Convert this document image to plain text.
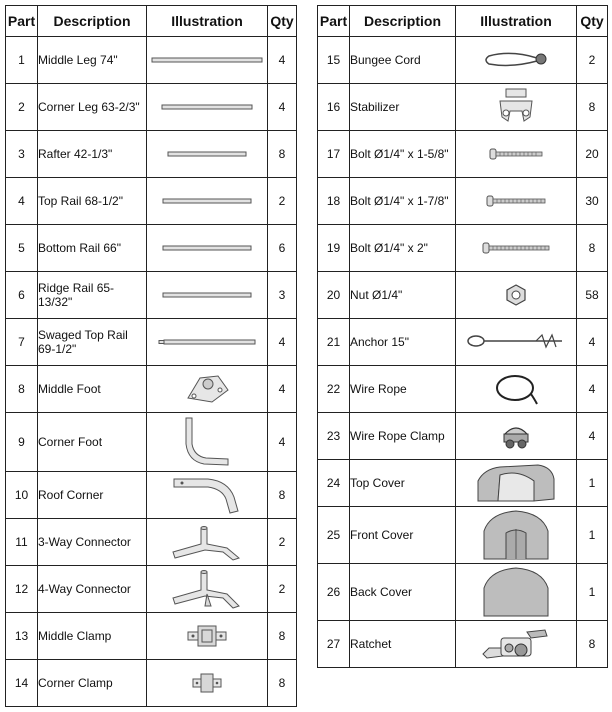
Part	Description	Illustration	Qty
1	Middle Leg 74"		4
2	Corner Leg 63-2/3"		4
3	Rafter 42-1/3"		8
4	Top Rail 68-1/2"		2
5	Bottom Rail 66"		6
6	Ridge Rail 65-13/32"		3
7	Swaged Top Rail 69-1/2"		4
8	Middle Foot		4
9	Corner Foot		4
10	Roof Corner		8
11	3-Way Connector		2
12	4-Way Connector		2
13	Middle Clamp		8
14	Corner Clamp		8
Part	Description	Illustration	Qty
15	Bungee Cord		2
16	Stabilizer		8
17	Bolt Ø1/4" x 1-5/8"		20
18	Bolt Ø1/4" x 1-7/8"		30
19	Bolt Ø1/4" x 2"		8
20	Nut Ø1/4"		58
21	Anchor 15"		4
22	Wire Rope		4
23	Wire Rope Clamp		4
24	Top Cover		1
25	Front Cover		1
26	Back Cover		1
27	Ratchet		8
